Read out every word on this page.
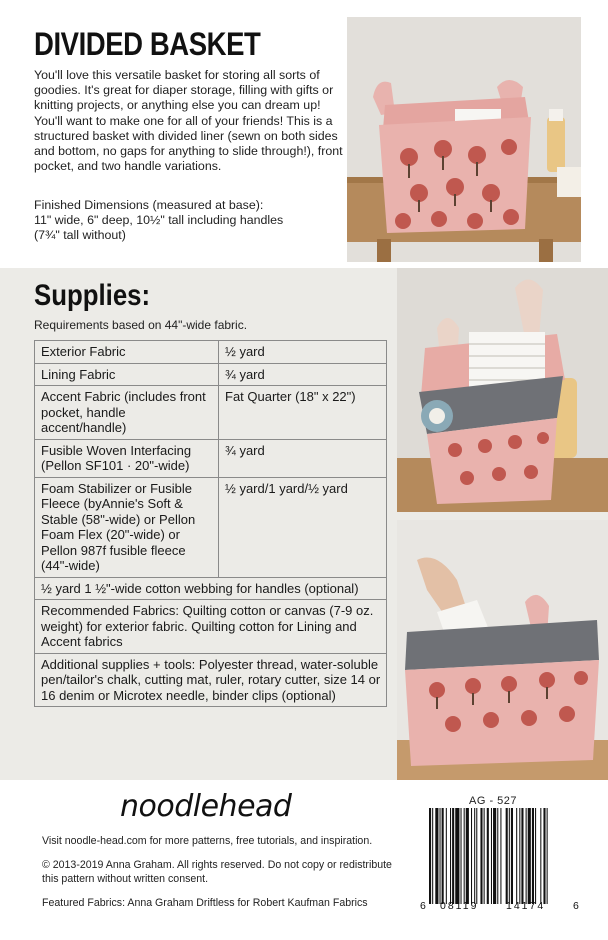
DIVIDED BASKET
You'll love this versatile basket for storing all sorts of goodies. It's great for diaper storage, filling with gifts or knitting projects, or anything else you can dream up! You'll want to make one for all of your friends! This is a structured basket with divided liner (sewn on both sides and bottom, no gaps for anything to slide through!), front pocket, and two handle variations.
Finished Dimensions (measured at base):
11" wide, 6" deep, 10½" tall including handles
(7¾" tall without)
Supplies:
Requirements based on 44"-wide fabric.
Exterior Fabric	½ yard
Lining Fabric	¾ yard
Accent Fabric (includes front pocket, handle accent/handle)	Fat Quarter (18" x 22")
Fusible Woven Interfacing (Pellon SF101 · 20"-wide)	¾ yard
Foam Stabilizer or Fusible Fleece (byAnnie's Soft & Stable (58"-wide) or Pellon Foam Flex (20"-wide) or Pellon 987f fusible fleece (44"-wide)	½ yard/1 yard/½ yard
½ yard 1 ½"-wide cotton webbing for handles (optional)	
Recommended Fabrics: Quilting cotton or canvas (7-9 oz. weight) for exterior fabric. Quilting cotton for Lining and Accent fabrics	
Additional supplies + tools: Polyester thread, water-soluble pen/tailor's chalk, cutting mat, ruler, rotary cutter, size 14 or 16 denim or Microtex needle, binder clips (optional)	
noodlehead
Visit noodle-head.com for more patterns, free tutorials, and inspiration.
© 2013-2019 Anna Graham. All rights reserved. Do not copy or redistribute this pattern without written consent.
Featured Fabrics: Anna Graham Driftless for Robert Kaufman Fabrics
AG - 527
6 08119	14174	6
